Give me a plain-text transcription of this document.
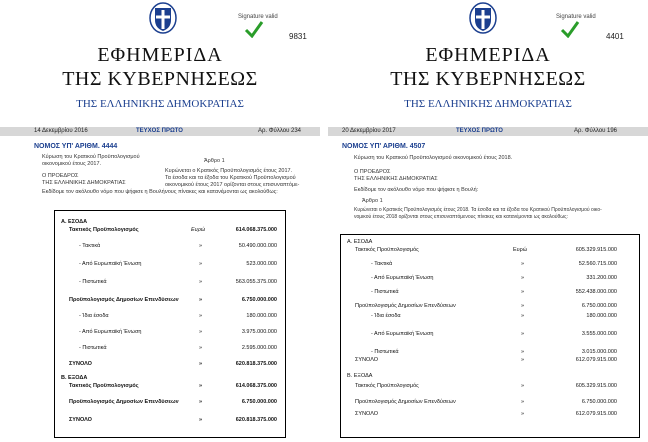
Signature valid
9831
ΕΦΗΜΕΡΙΔΑ
ΤΗΣ ΚΥΒΕΡΝΗΣΕΩΣ
ΤΗΣ ΕΛΛΗΝΙΚΗΣ ΔΗΜΟΚΡΑΤΙΑΣ
14 Δεκεμβρίου 2016	ΤΕΥΧΟΣ ΠΡΩΤΟ	Αρ. Φύλλου 234
ΝΟΜΟΣ ΥΠ' ΑΡΙΘΜ. 4444
Κύρωση του Κρατικού Προϋπολογισμού
οικονομικού έτους 2017.
Ο ΠΡΟΕΔΡΟΣ
ΤΗΣ ΕΛΛΗΝΙΚΗΣ ΔΗΜΟΚΡΑΤΙΑΣ
Εκδίδομε τον ακόλουθο νόμο που ψήφισε η Βουλή:
Άρθρο 1
Κυρώνεται ο Κρατικός Προϋπολογισμός έτους 2017.
Τα έσοδα και τα έξοδα του Κρατικού Προϋπολογισμού
οικονομικού έτους 2017 ορίζονται στους επισυναπτόμε-
νους πίνακες και κατανέμονται ως ακολούθως:
Α. ΕΣΟΔΑ
Τακτικός Προϋπολογισμός	Ευρώ	614.068.375.000
- Τακτικά	»	50.490.000.000
- Από Ευρωπαϊκή Ένωση	»	523.000.000
- Πιστωτικά	»	563.055.375.000
Προϋπολογισμός Δημοσίων Επενδύσεων	»	6.750.000.000
- Ίδια έσοδα	»	180.000.000
- Από Ευρωπαϊκή Ένωση	»	3.975.000.000
- Πιστωτικά	»	2.595.000.000
ΣΥΝΟΛΟ	»	620.818.375.000
Β. ΕΞΟΔΑ
Τακτικός Προϋπολογισμός	»	614.068.375.000
Προϋπολογισμός Δημοσίων Επενδύσεων	»	6.750.000.000
ΣΥΝΟΛΟ	»	620.818.375.000
Signature valid
4401
ΕΦΗΜΕΡΙΔΑ
ΤΗΣ ΚΥΒΕΡΝΗΣΕΩΣ
ΤΗΣ ΕΛΛΗΝΙΚΗΣ ΔΗΜΟΚΡΑΤΙΑΣ
20 Δεκεμβρίου 2017	ΤΕΥΧΟΣ ΠΡΩΤΟ	Αρ. Φύλλου 196
ΝΟΜΟΣ ΥΠ' ΑΡΙΘΜ. 4507
Κύρωση του Κρατικού Προϋπολογισμού οικονομικού έτους 2018.
Ο ΠΡΟΕΔΡΟΣ
ΤΗΣ ΕΛΛΗΝΙΚΗΣ ΔΗΜΟΚΡΑΤΙΑΣ
Εκδίδομε τον ακόλουθο νόμο που ψήφισε η Βουλή:
Άρθρο 1
Κυρώνεται ο Κρατικός Προϋπολογισμός έτους 2018. Τα έσοδα και τα έξοδα του Κρατικού Προϋπολογισμού οικο-
νομικού έτους 2018 ορίζονται στους επισυναπτόμενους πίνακες και κατανέμονται ως ακολούθως:
Α. ΕΣΟΔΑ
Τακτικός Προϋπολογισμός	Ευρώ	605.329.915.000
- Τακτικά	»	52.560.715.000
- Από Ευρωπαϊκή Ένωση	»	331.200.000
- Πιστωτικά	»	552.438.000.000
Προϋπολογισμός Δημοσίων Επενδύσεων	»	6.750.000.000
- Ίδια έσοδα	»	180.000.000
- Από Ευρωπαϊκή Ένωση	»	3.555.000.000
- Πιστωτικά	»	3.015.000.000
ΣΥΝΟΛΟ	»	612.079.915.000
Β. ΕΞΟΔΑ
Τακτικός Προϋπολογισμός	»	605.329.915.000
Προϋπολογισμός Δημοσίων Επενδύσεων	»	6.750.000.000
ΣΥΝΟΛΟ	»	612.079.915.000
